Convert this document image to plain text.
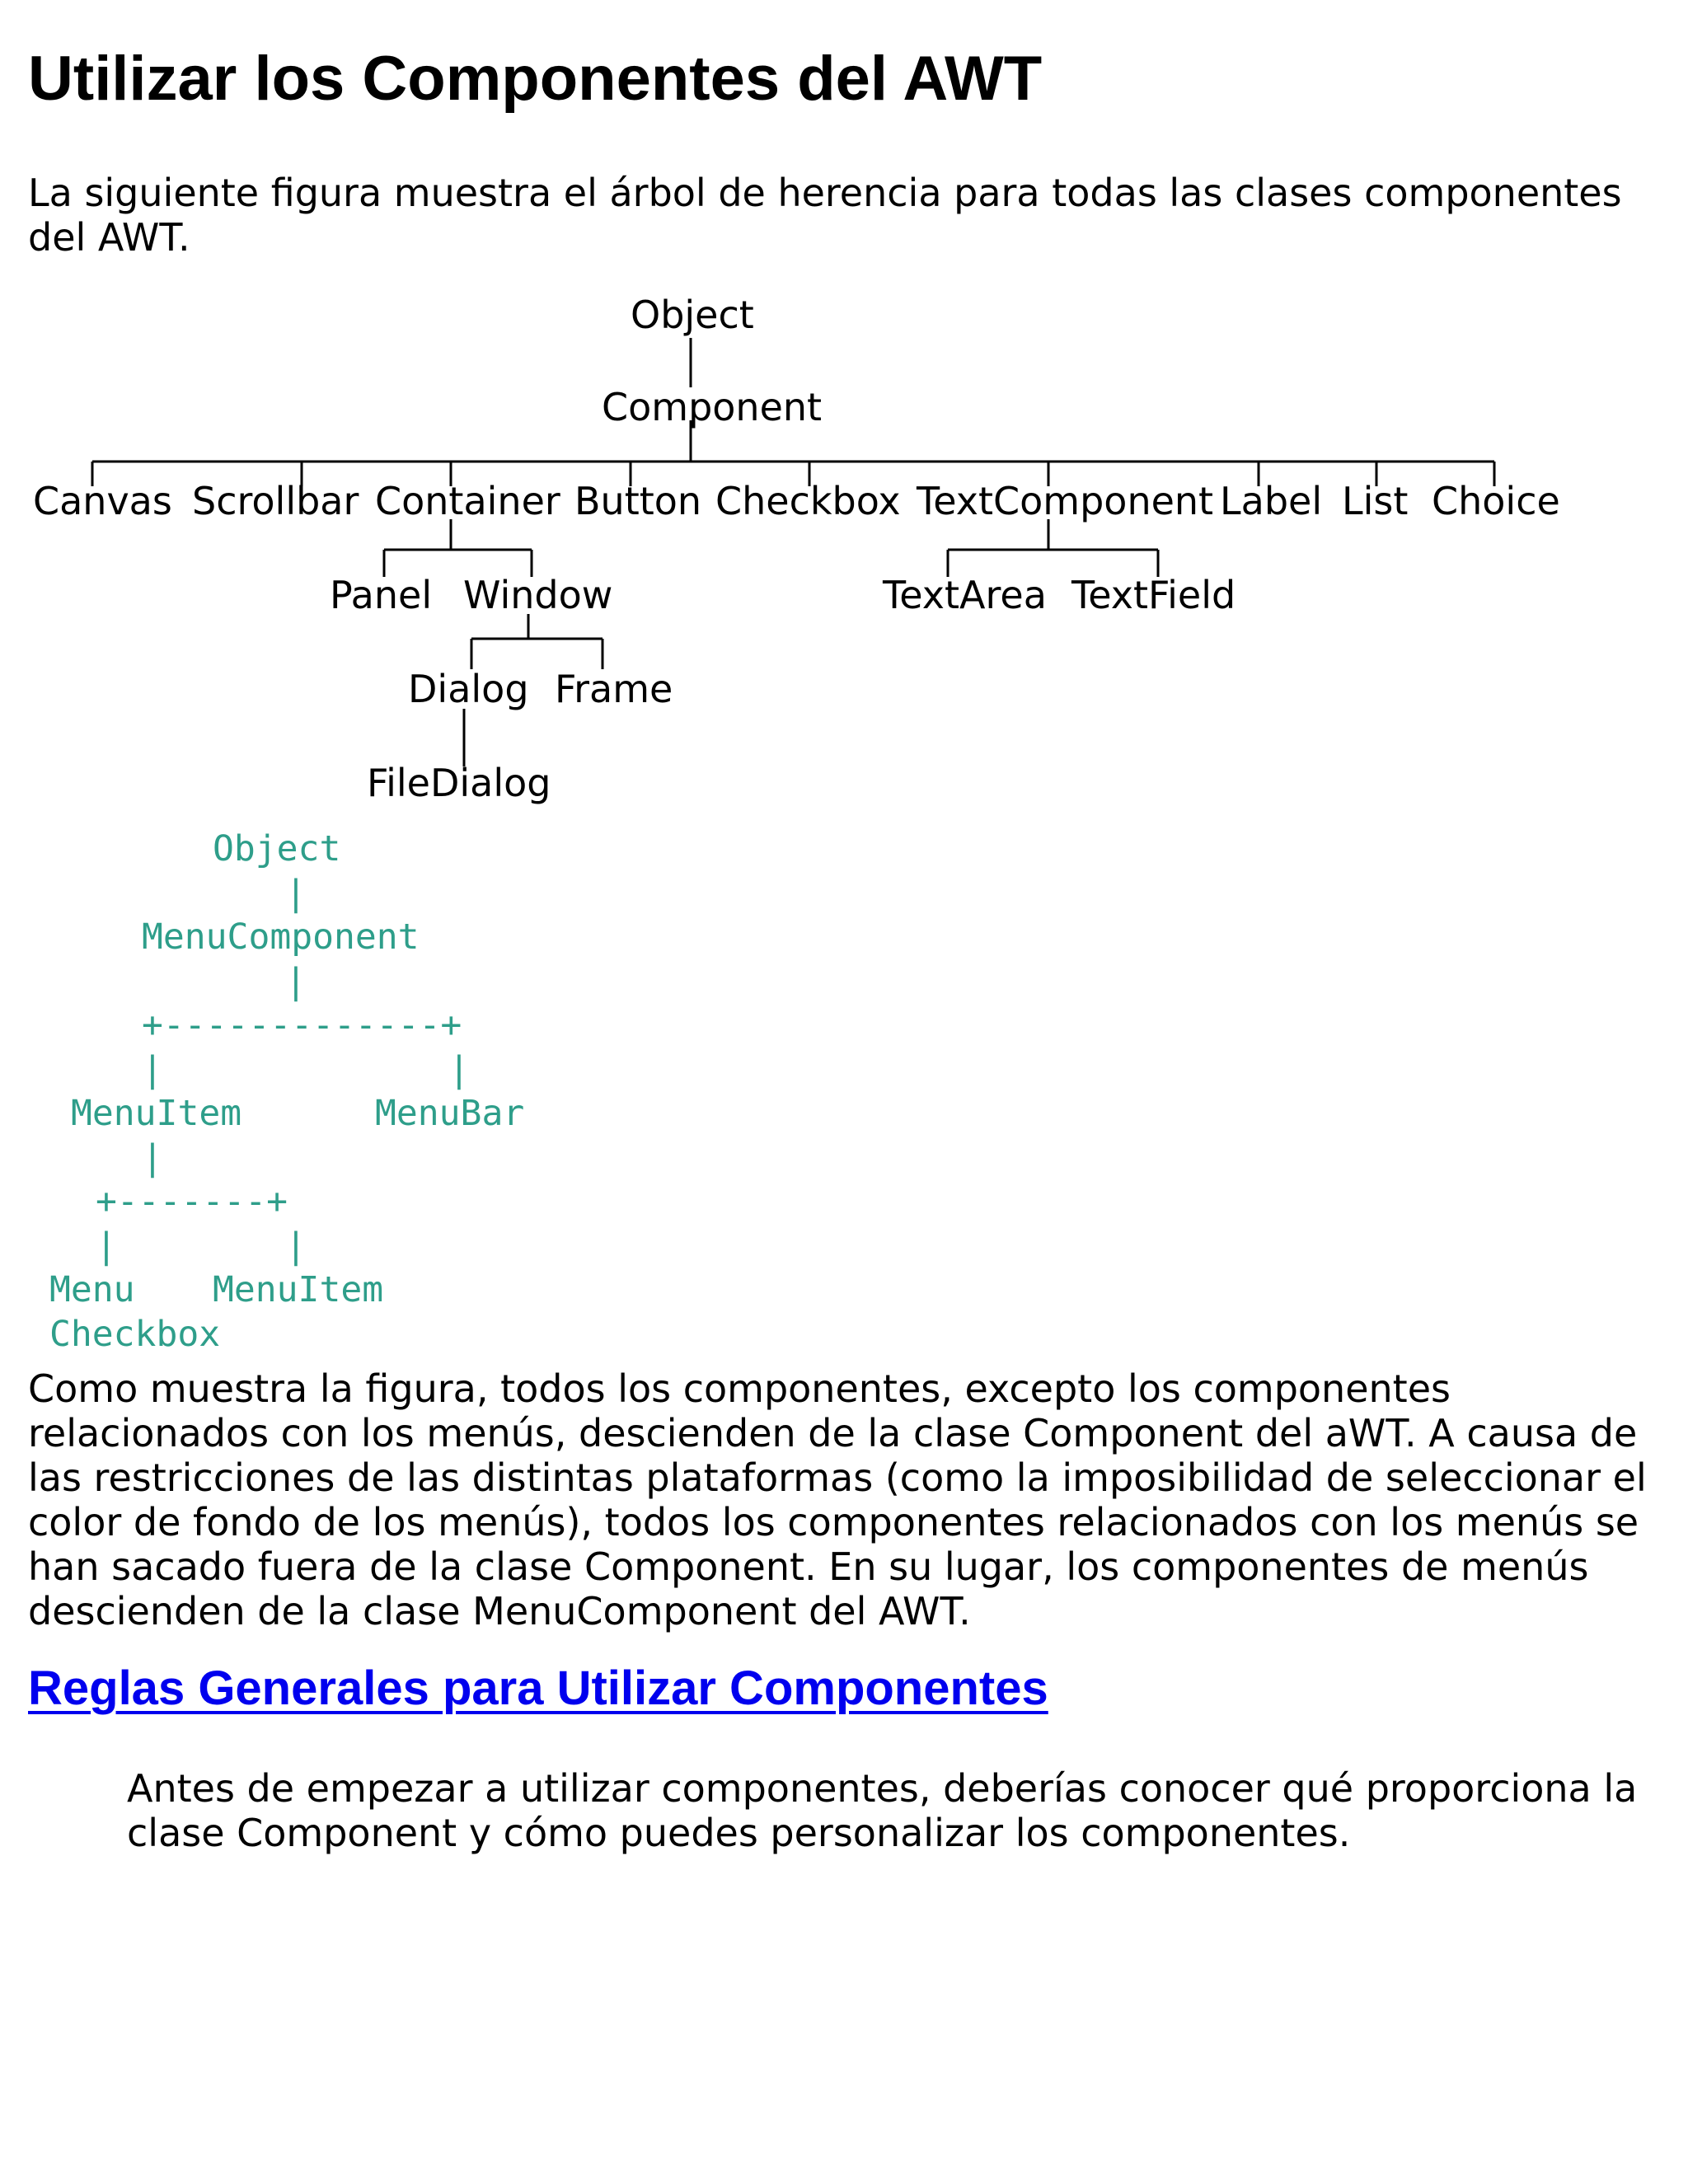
Utilizar los Componentes del AWT

La siguiente figura muestra el árbol de herencia para todas las clases componentes del AWT.

Object
Component
Canvas Scrollbar Container Button Checkbox TextComponent Label List Choice
Panel Window	TextArea TextField
Dialog Frame
FileDialog
Object
|
MenuComponent
|
+-------------+
|	|
MenuItem	MenuBar
|
+-------+
|	|
Menu MenuItem
Checkbox

Como muestra la figura, todos los componentes, excepto los componentes relacionados con los menús, descienden de la clase Component del aWT. A causa de las restricciones de las distintas plataformas (como la imposibilidad de seleccionar el color de fondo de los menús), todos los componentes relacionados con los menús se han sacado fuera de la clase Component. En su lugar, los componentes de menús descienden de la clase MenuComponent del AWT.

Reglas Generales para Utilizar Componentes

Antes de empezar a utilizar componentes, deberías conocer qué proporciona la clase Component y cómo puedes personalizar los componentes.
